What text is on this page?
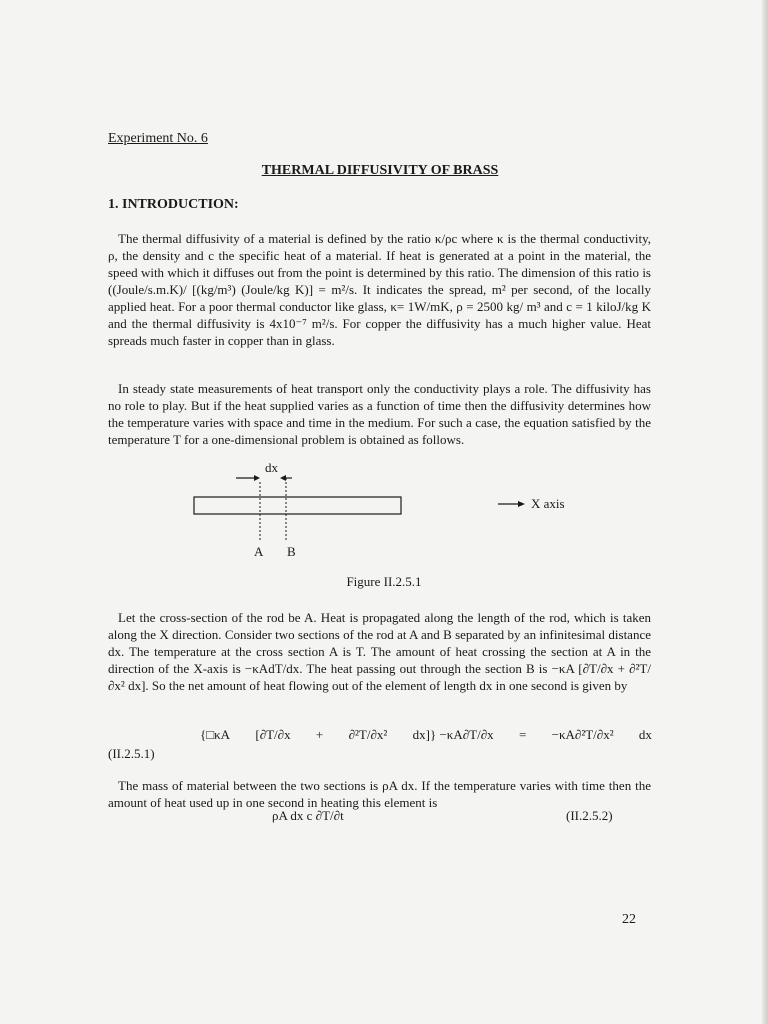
Experiment No. 6

THERMAL DIFFUSIVITY OF BRASS

1. INTRODUCTION:

The thermal diffusivity of a material is defined by the ratio κ/ρc where κ is the thermal conductivity, ρ, the density and c the specific heat of a material. If heat is generated at a point in the material, the speed with which it diffuses out from the point is determined by this ratio. The dimension of this ratio is ((Joule/s.m.K)/ [(kg/m³) (Joule/kg K)] = m²/s. It indicates the spread, m² per second, of the locally applied heat. For a poor thermal conductor like glass, κ= 1W/mK, ρ = 2500 kg/ m³ and c = 1 kiloJ/kg K and the thermal diffusivity is 4x10⁻⁷ m²/s. For copper the diffusivity has a much higher value. Heat spreads much faster in copper than in glass.

In steady state measurements of heat transport only the conductivity plays a role. The diffusivity has no role to play. But if the heat supplied varies as a function of time then the diffusivity determines how the temperature varies with space and time in the medium. For such a case, the equation satisfied by the temperature T for a one-dimensional problem is obtained as follows.

dx
A B
X axis

Figure II.2.5.1

Let the cross-section of the rod be A. Heat is propagated along the length of the rod, which is taken along the X direction. Consider two sections of the rod at A and B separated by an infinitesimal distance dx. The temperature at the cross section A is T. The amount of heat crossing the section at A in the direction of the X-axis is −κAdT/dx. The heat passing out through the section B is −κA [∂T/∂x + ∂²T/∂x² dx]. So the net amount of heat flowing out of the element of length dx in one second is given by

{□κA [∂T/∂x + ∂²T/∂x² dx]} −κA∂T/∂x = −κA∂²T/∂x² dx

(II.2.5.1)

The mass of material between the two sections is ρA dx. If the temperature varies with time then the amount of heat used up in one second in heating this element is

ρA dx c ∂T/∂t	(II.2.5.2)

22
